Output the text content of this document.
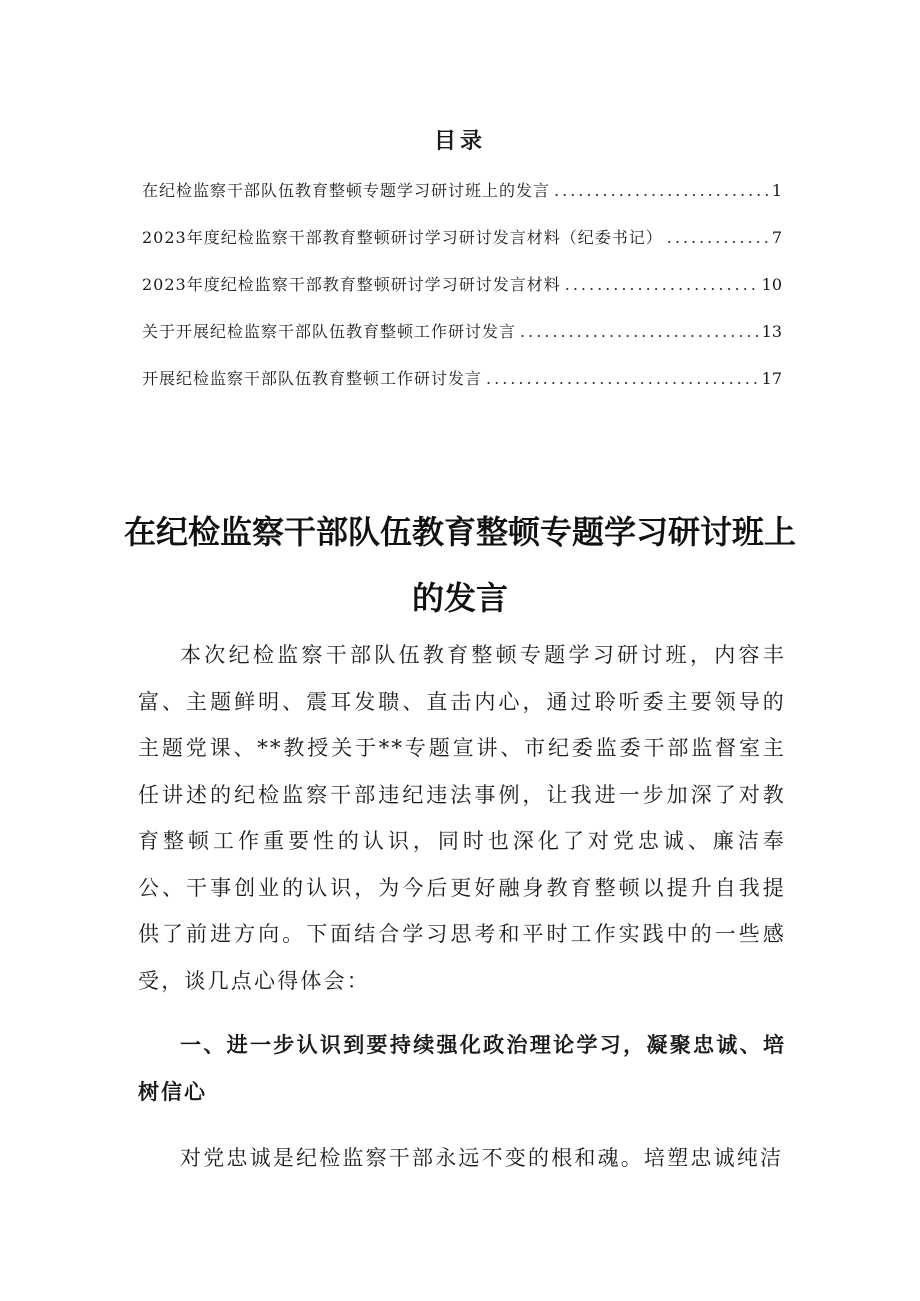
目录
在纪检监察干部队伍教育整顿专题学习研讨班上的发言 .....	1
2023年度纪检监察干部教育整顿研讨学习研讨发言材料（纪委书记） .....	7
2023年度纪检监察干部教育整顿研讨学习研讨发言材料 .....	10
关于开展纪检监察干部队伍教育整顿工作研讨发言 .....	13
开展纪检监察干部队伍教育整顿工作研讨发言 .....	17
在纪检监察干部队伍教育整顿专题学习研讨班上的发言

本次纪检监察干部队伍教育整顿专题学习研讨班，内容丰富、主题鲜明、震耳发聩、直击内心，通过聆听委主要领导的主题党课、**教授关于**专题宣讲、市纪委监委干部监督室主任讲述的纪检监察干部违纪违法事例，让我进一步加深了对教育整顿工作重要性的认识，同时也深化了对党忠诚、廉洁奉公、干事创业的认识，为今后更好融身教育整顿以提升自我提供了前进方向。下面结合学习思考和平时工作实践中的一些感受，谈几点心得体会：

一、进一步认识到要持续强化政治理论学习，凝聚忠诚、培树信心

对党忠诚是纪检监察干部永远不变的根和魂。培塑忠诚纯洁
